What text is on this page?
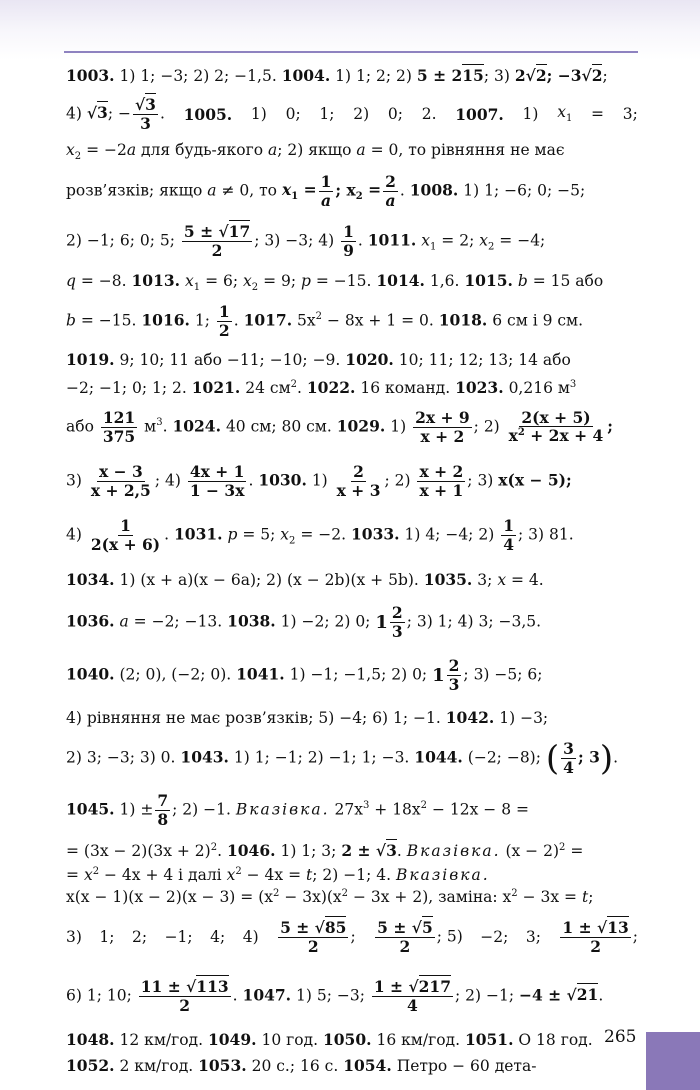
1003. 1) 1; −3; 2) 2; −1,5. 1004. 1) 1; 2; 2) 5 ± 215; 3) 2√2; −3√2;
4) √3; − $\frac{√3}{3}$ . 1005. 1) 0; 1; 2) 0; 2. 1007. 1) $x_1 = 3$;
$x_2 = -2a$ для будь-якого a; 2) якщо a = 0, то рівняння не має
розв’язків; якщо a ≠ 0, то $x_1 = \frac{1}{a}$ ; $x_2 = \frac{2}{a}$ . 1008. 1) 1; −6; 0; −5;
2) −1; 6; 0; 5; $\frac{5 \pm √17}{2}$ ; 3) −3; $4) \frac{1}{9}$ . 1011. $x_1 = 2$; $x_2 = -4$;
q = −8. 1013. $x_1 = 6$; $x_2 = 9$; p = −15. 1014. 1,6. 1015. b = 15 або
b = −15. 1016. 1; $\frac{1}{2}$ . 1017. $5x^2 - 8x + 1 = 0$. 1018. 6 см і 9 см.
1019. 9; 10; 11 або −11; −10; −9. 1020. 10; 11; 12; 13; 14 або
−2; −1; 0; 1; 2. 1021. 24 $см^2$. 1022. 16 команд. 1023. 0,216 $м^3$
або $\frac{121}{375} м^3$. 1024. 40 см; 80 см. 1029. $1) \frac{2x + 9}{x + 2}$ ; $2) \frac{2(x + 5)}{x^2 + 2x + 4}$ ;
$3) \frac{x - 3}{x + 2,5}$ ; $4) \frac{4x + 1}{1 - 3x}$ . 1030. $1) \frac{2}{x + 3}$ ; $2) \frac{x + 2}{x + 1}$ ; 3) x(x − 5);
$4) \frac{1}{2(x + 6)}$ . 1031. p = 5; $x_2 = -2$. 1033. 1) 4; −4; $2) \frac{1}{4}$ ; 3) 81.
1034. 1) (x + a)(x − 6a); 2) (x − 2b)(x + 5b). 1035. 3; x = 4.
1036. a = −2; −13. 1038. 1) −2; 2) 0; $1 \frac{2}{3}$ ; 3) 1; 4) 3; −3,5.
1040. (2; 0), (−2; 0). 1041. 1) −1; −1,5; 2) 0; $1 \frac{2}{3}$ ; 3) −5; 6;
4) рівняння не має розв’язків; 5) −4; 6) 1; −1. 1042. 1) −3;
2) 3; −3; 3) 0. 1043. 1) 1; −1; 2) −1; 1; −3. 1044. (−2; −8); ( $\frac{3}{4}$ ; 3).
1045. $1) \pm \frac{7}{8}$ ; 2) −1. Вказівка. $27x^3 + 18x^2 - 12x - 8$ =
= $(3x - 2)(3x + 2)^2$. 1046. 1) 1; 3; 2 ± √3. Вказівка. $(x - 2)^2$ =
= $x^2 - 4x + 4$ і далі $x^2 - 4x = t$; 2) −1; 4. Вказівка.
$x(x - 1)(x - 2)(x - 3) = (x^2 - 3x)(x^2 - 3x + 2)$, заміна: $x^2 - 3x = t$;
3) 1; 2; −1; 4; $4) \frac{5 \pm √85}{2}$ ; $\frac{5 \pm √5}{2}$ ; 5) −2; 3; $\frac{1 \pm √13}{2}$ ;
6) 1; 10; $\frac{11 \pm √113}{2}$ . 1047. 1) 5; −3; $\frac{1 \pm √217}{4}$ ; 2) −1; −4 ± √21.
1048. 12 км/год. 1049. 10 год. 1050. 16 км/год. 1051. О 18 год.
1052. 2 км/год. 1053. 20 с.; 16 с. 1054. Петро − 60 дета-
265
